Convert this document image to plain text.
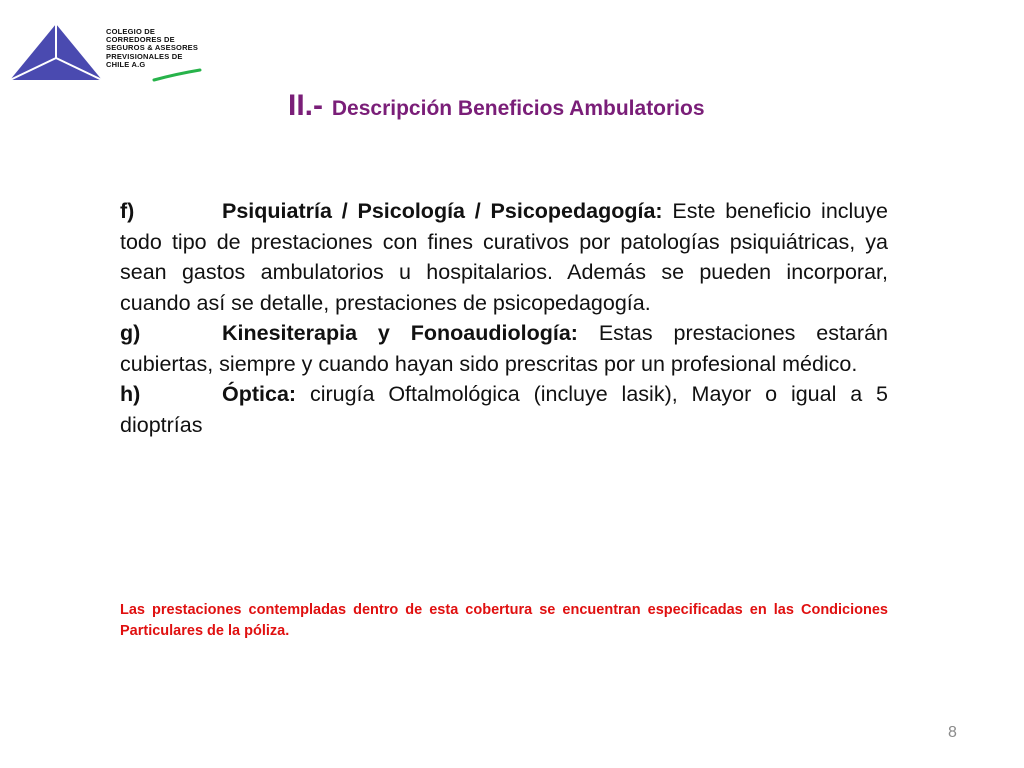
COLEGIO DE
CORREDORES DE
SEGUROS & ASESORES
PREVISIONALES DE
CHILE A.G
II.- Descripción Beneficios Ambulatorios

f)	Psiquiatría / Psicología / Psicopedagogía: Este beneficio incluye todo tipo de prestaciones con fines curativos por patologías psiquiátricas, ya sean gastos ambulatorios u hospitalarios. Además se pueden incorporar, cuando así se detalle, prestaciones de psicopedagogía.

g)	Kinesiterapia y Fonoaudiología: Estas prestaciones estarán cubiertas, siempre y cuando hayan sido prescritas por un profesional médico.

h)	Óptica: cirugía Oftalmológica (incluye lasik), Mayor o igual a 5 dioptrías

Las prestaciones contempladas dentro de esta cobertura se encuentran especificadas en las Condiciones Particulares de la póliza.
8
